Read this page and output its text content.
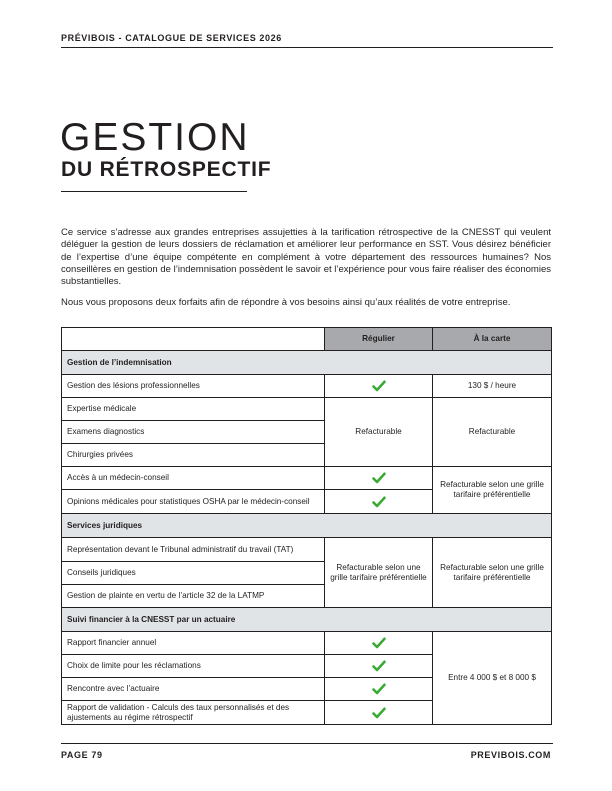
PRÉVIBOIS - CATALOGUE DE SERVICES 2026
GESTION
DU RÉTROSPECTIF

Ce service s’adresse aux grandes entreprises assujetties à la tarification rétrospective de la CNESST qui veulent déléguer la gestion de leurs dossiers de réclamation et améliorer leur performance en SST. Vous désirez bénéficier de l’expertise d’une équipe compétente en complément à votre département des ressources humaines? Nos conseillères en gestion de l’indemnisation possèdent le savoir et l’expérience pour vous faire réaliser des économies substantielles.

Nous vous proposons deux forfaits afin de répondre à vos besoins ainsi qu’aux réalités de votre entreprise.

	Régulier	À la carte
Gestion de l’indemnisation		
Gestion des lésions professionnelles		130 $ / heure
Expertise médicale	Refacturable	Refacturable
Examens diagnostics		
Chirurgies privées		
Accès à un médecin-conseil		Refacturable selon une grille tarifaire préférentielle
Opinions médicales pour statistiques OSHA par le médecin-conseil	
Services juridiques		
Représentation devant le Tribunal administratif du travail (TAT)	Refacturable selon une grille tarifaire préférentielle	Refacturable selon une grille tarifaire préférentielle
Conseils juridiques		
Gestion de plainte en vertu de l’article 32 de la LATMP		
Suivi financier à la CNESST par un actuaire		
Rapport financier annuel		Entre 4 000 $ et 8 000 $
Choix de limite pour les réclamations	
Rencontre avec l’actuaire	
Rapport de validation - Calculs des taux personnalisés et des ajustements au régime rétrospectif	
PAGE 79	PREVIBOIS.COM
